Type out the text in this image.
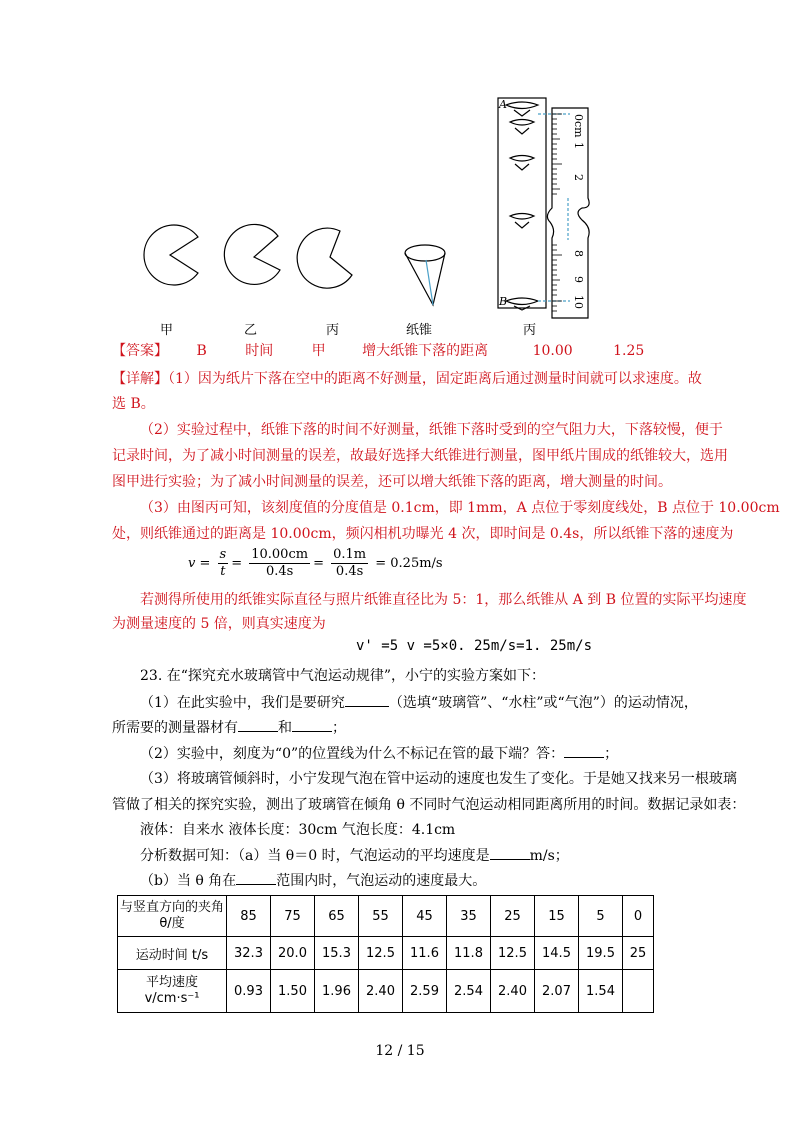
A
B
0cm
1
2
8
9
10
甲	乙	丙	纸锥	丙
【答案】 B	时间	甲	增大纸锥下落的距离	10.00	1.25
【详解】（1）因为纸片下落在空中的距离不好测量，固定距离后通过测量时间就可以求速度。故
选 B。
（2）实验过程中，纸锥下落的时间不好测量，纸锥下落时受到的空气阻力大，下落较慢，便于
记录时间，为了减小时间测量的误差，故最好选择大纸锥进行测量，图甲纸片围成的纸锥较大，选用
图甲进行实验；为了减小时间测量的误差，还可以增大纸锥下落的距离，增大测量的时间。
（3）由图丙可知，该刻度值的分度值是 0.1cm，即 1mm，A 点位于零刻度线处，B 点位于 10.00cm
处，则纸锥通过的距离是 10.00cm，频闪相机功曝光 4 次，即时间是 0.4s，所以纸锥下落的速度为
$v = \frac{s}{t} = \frac{10.00cm}{0.4s} = \frac{0.1m}{0.4s} = 0.25m/s$
若测得所使用的纸锥实际直径与照片纸锥直径比为 5：1，那么纸锥从 A 到 B 位置的实际平均速度
为测量速度的 5 倍，则真实速度为
v' =5 v =5×0. 25m/s=1. 25m/s
23. 在“探究充水玻璃管中气泡运动规律”，小宁的实验方案如下：
（1）在此实验中，我们是要研究	（选填“玻璃管”、“水柱”或“气泡”）的运动情况，
所需要的测量器材有	和	；
（2）实验中，刻度为“0”的位置线为什么不标记在管的最下端？答：	；
（3）将玻璃管倾斜时，小宁发现气泡在管中运动的速度也发生了变化。于是她又找来另一根玻璃
管做了相关的探究实验，测出了玻璃管在倾角 θ 不同时气泡运动相同距离所用的时间。数据记录如表：
液体：自来水 液体长度：30cm 气泡长度：4.1cm
分析数据可知：（a）当 θ＝0 时，气泡运动的平均速度是	m/s；
（b）当 θ 角在	范围内时，气泡运动的速度最大。
与竖直方向的夹角 θ/度	85	75	65	55	45	35	25	15	5	0
运动时间 t/s	32.3	20.0	15.3	12.5	11.6	11.8	12.5	14.5	19.5	25
平均速度 v/cm·s⁻¹	0.93	1.50	1.96	2.40	2.59	2.54	2.40	2.07	1.54	
12 / 15
